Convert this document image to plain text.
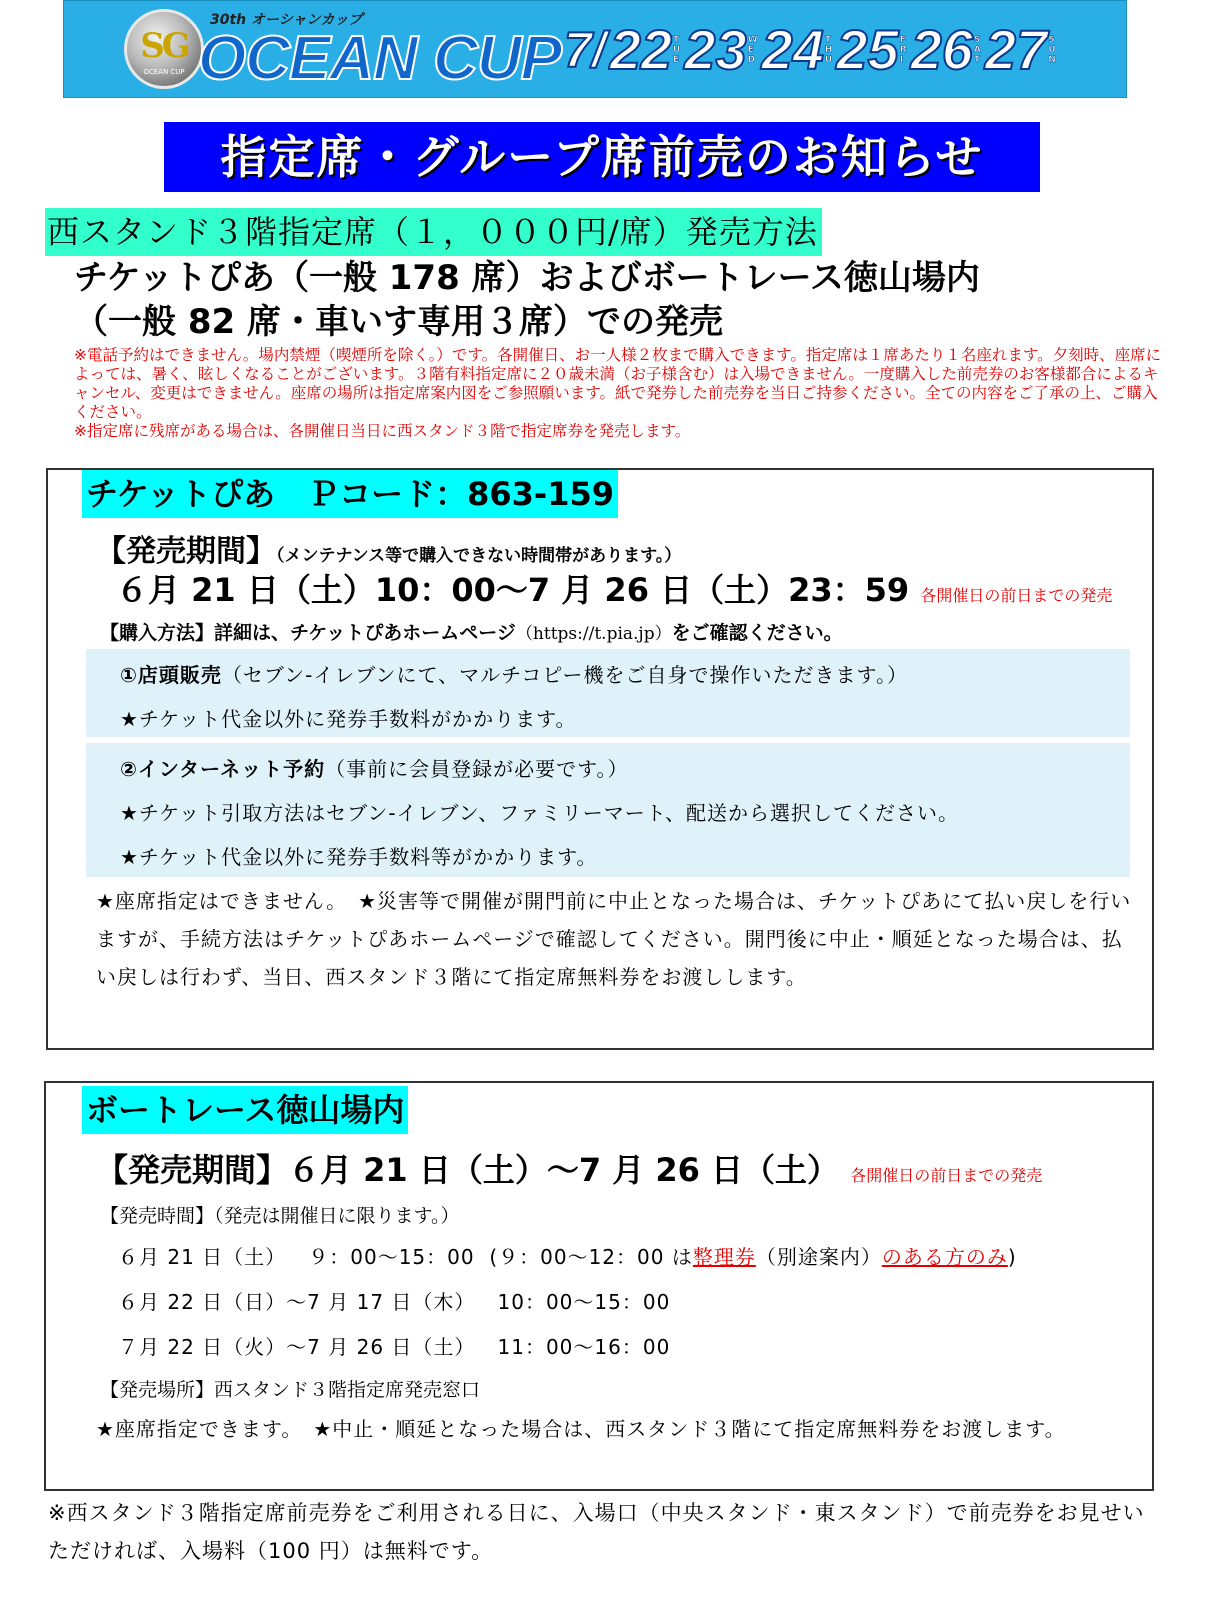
SG
OCEAN CUP
30th オーシャンカップ
OCEAN CUP 7/ 22 T
U
E 23 W
E
D 24 T
H
U 25 F
R
I 26 S
A
T 27 S
U
N
指定席・グループ席前売のお知らせ
西スタンド３階指定席（１，０００円/席）発売方法
チケットぴあ（一般 178 席）およびボートレース徳山場内
（一般 82 席・車いす専用３席）での発売
※電話予約はできません。場内禁煙（喫煙所を除く。）です。各開催日、お一人様２枚まで購入できます。指定席は１席あたり１名座れます。夕刻時、座席によっては、暑く、眩しくなることがございます。３階有料指定席に２０歳未満（お子様含む）は入場できません。一度購入した前売券のお客様都合によるキャンセル、変更はできません。座席の場所は指定席案内図をご参照願います。紙で発券した前売券を当日ご持参ください。全ての内容をご了承の上、ご購入ください。
※指定席に残席がある場合は、各開催日当日に西スタンド３階で指定席券を発売します。
チケットぴあ　Ｐコード：863-159
【発売期間】（メンテナンス等で購入できない時間帯があります。）
６月 21 日（土）10：00〜7 月 26 日（土）23：59 各開催日の前日までの発売
【購入方法】詳細は、チケットぴあホームページ（https://t.pia.jp）をご確認ください。
①店頭販売（セブン‐イレブンにて、マルチコピー機をご自身で操作いただきます。）
★チケット代金以外に発券手数料がかかります。
②インターネット予約（事前に会員登録が必要です。）
★チケット引取方法はセブン‐イレブン、ファミリーマート、配送から選択してください。
★チケット代金以外に発券手数料等がかかります。
★座席指定はできません。　★災害等で開催が開門前に中止となった場合は、チケットぴあにて払い戻しを行いますが、手続方法はチケットぴあホームページで確認してください。開門後に中止・順延となった場合は、払い戻しは行わず、当日、西スタンド３階にて指定席無料券をお渡しします。
ボートレース徳山場内
【発売期間】６月 21 日（土）〜7 月 26 日（土） 各開催日の前日までの発売
【発売時間】（発売は開催日に限ります。）
６月 21 日（土） ９：00〜15：00 (９：00〜12：00 は整理券（別途案内）のある方のみ)
６月 22 日（日）〜7 月 17 日（木） 10：00〜15：00
７月 22 日（火）〜7 月 26 日（土） 11：00〜16：00
【発売場所】西スタンド３階指定席発売窓口
★座席指定できます。　★中止・順延となった場合は、西スタンド３階にて指定席無料券をお渡します。
※西スタンド３階指定席前売券をご利用される日に、入場口（中央スタンド・東スタンド）で前売券をお見せいただければ、入場料（100 円）は無料です。
